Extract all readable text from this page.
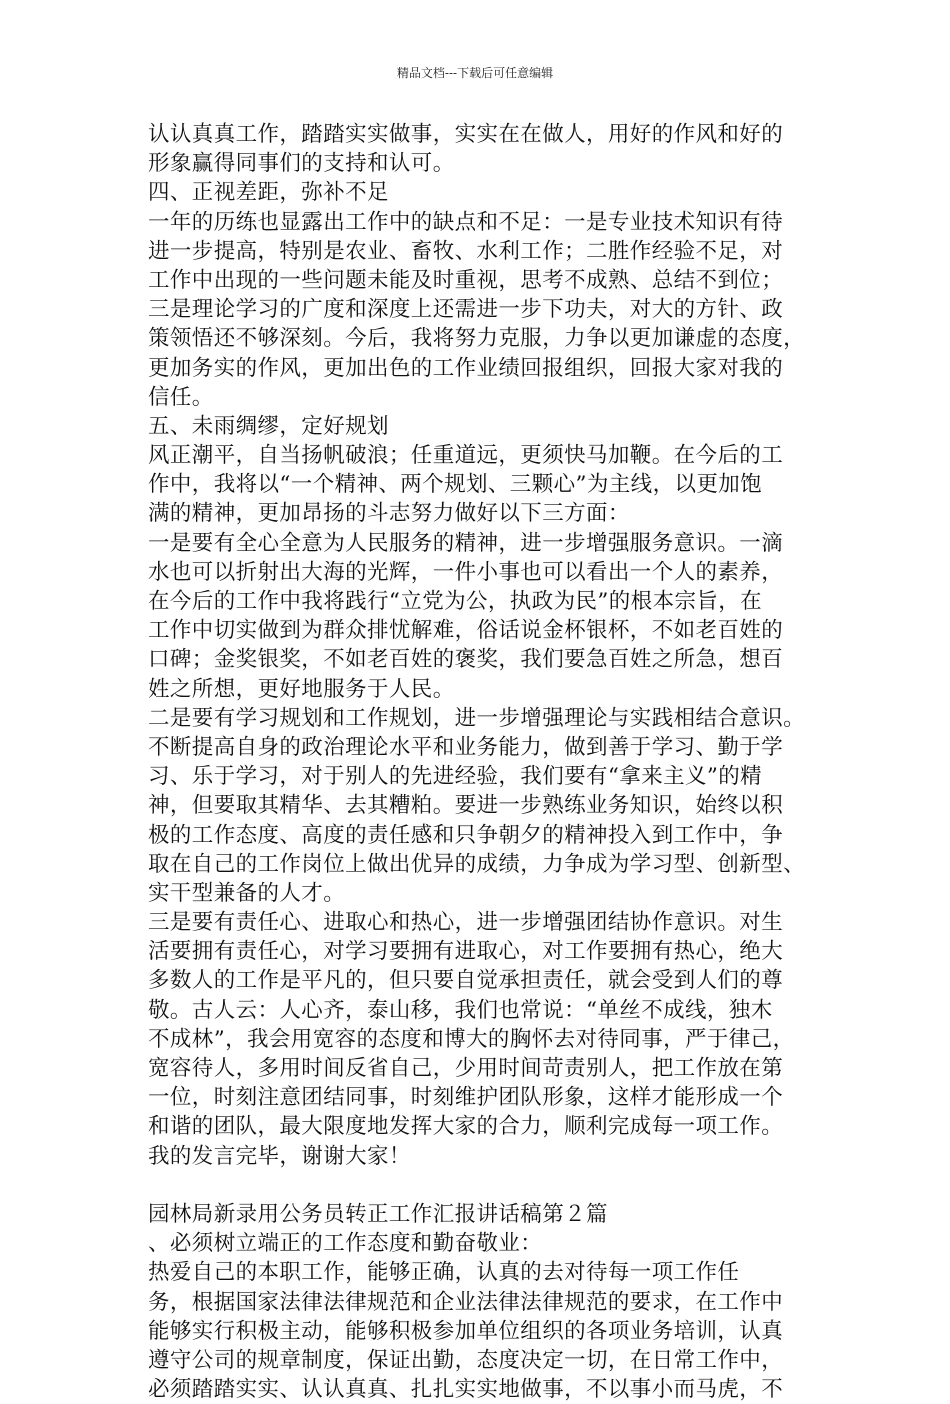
精品文档---下载后可任意编辑
认认真真工作，踏踏实实做事，实实在在做人，用好的作风和好的
形象赢得同事们的支持和认可。
四、正视差距，弥补不足
一年的历练也显露出工作中的缺点和不足：一是专业技术知识有待
进一步提高，特别是农业、畜牧、水利工作；二胜作经验不足，对
工作中出现的一些问题未能及时重视，思考不成熟、总结不到位；
三是理论学习的广度和深度上还需进一步下功夫，对大的方针、政
策领悟还不够深刻。今后，我将努力克服，力争以更加谦虚的态度，
更加务实的作风，更加出色的工作业绩回报组织，回报大家对我的
信任。
五、未雨绸缪，定好规划
风正潮平，自当扬帆破浪；任重道远，更须快马加鞭。在今后的工
作中，我将以“一个精神、两个规划、三颗心”为主线，以更加饱
满的精神，更加昂扬的斗志努力做好以下三方面：
一是要有全心全意为人民服务的精神，进一步增强服务意识。一滴
水也可以折射出大海的光辉，一件小事也可以看出一个人的素养，
在今后的工作中我将践行“立党为公，执政为民”的根本宗旨，在
工作中切实做到为群众排忧解难，俗话说金杯银杯，不如老百姓的
口碑；金奖银奖，不如老百姓的褒奖，我们要急百姓之所急，想百
姓之所想，更好地服务于人民。
二是要有学习规划和工作规划，进一步增强理论与实践相结合意识。
不断提高自身的政治理论水平和业务能力，做到善于学习、勤于学
习、乐于学习，对于别人的先进经验，我们要有“拿来主义”的精
神，但要取其精华、去其糟粕。要进一步熟练业务知识，始终以积
极的工作态度、高度的责任感和只争朝夕的精神投入到工作中，争
取在自己的工作岗位上做出优异的成绩，力争成为学习型、创新型、
实干型兼备的人才。
三是要有责任心、进取心和热心，进一步增强团结协作意识。对生
活要拥有责任心，对学习要拥有进取心，对工作要拥有热心，绝大
多数人的工作是平凡的，但只要自觉承担责任，就会受到人们的尊
敬。古人云：人心齐，泰山移，我们也常说：“单丝不成线，独木
不成林”，我会用宽容的态度和博大的胸怀去对待同事，严于律己，
宽容待人，多用时间反省自己，少用时间苛责别人，把工作放在第
一位，时刻注意团结同事，时刻维护团队形象，这样才能形成一个
和谐的团队，最大限度地发挥大家的合力，顺利完成每一项工作。
我的发言完毕，谢谢大家！
园林局新录用公务员转正工作汇报讲话稿第２篇
、必须树立端正的工作态度和勤奋敬业：
热爱自己的本职工作，能够正确，认真的去对待每一项工作任
务，根据国家法律法律规范和企业法律法律规范的要求，在工作中
能够实行积极主动，能够积极参加单位组织的各项业务培训，认真
遵守公司的规章制度，保证出勤，态度决定一切，在日常工作中，
必须踏踏实实、认认真真、扎扎实实地做事，不以事小而马虎，不
